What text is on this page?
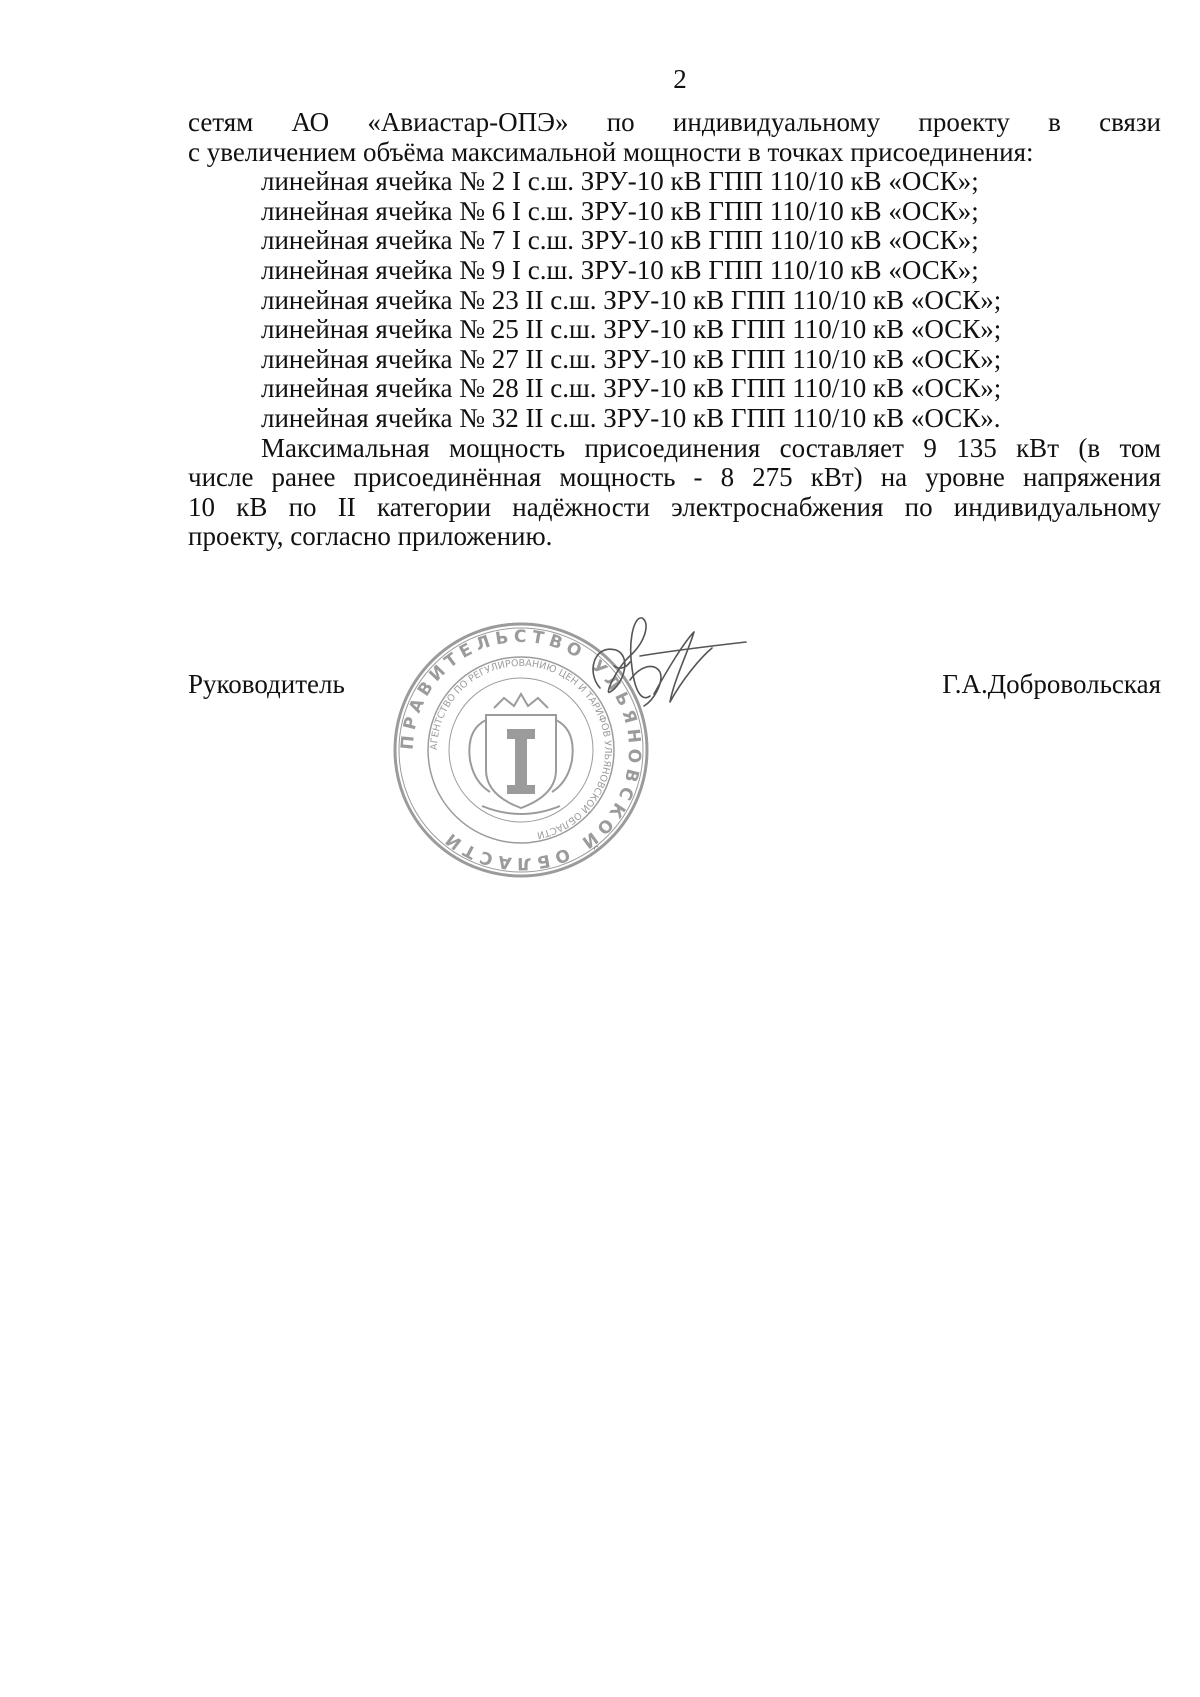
2
сетям АО «Авиастар-ОПЭ» по индивидуальному проекту в связи
с увеличением объёма максимальной мощности в точках присоединения:
линейная ячейка № 2 I с.ш. ЗРУ-10 кВ ГПП 110/10 кВ «ОСК»;
линейная ячейка № 6 I с.ш. ЗРУ-10 кВ ГПП 110/10 кВ «ОСК»;
линейная ячейка № 7 I с.ш. ЗРУ-10 кВ ГПП 110/10 кВ «ОСК»;
линейная ячейка № 9 I с.ш. ЗРУ-10 кВ ГПП 110/10 кВ «ОСК»;
линейная ячейка № 23 II с.ш. ЗРУ-10 кВ ГПП 110/10 кВ «ОСК»;
линейная ячейка № 25 II с.ш. ЗРУ-10 кВ ГПП 110/10 кВ «ОСК»;
линейная ячейка № 27 II с.ш. ЗРУ-10 кВ ГПП 110/10 кВ «ОСК»;
линейная ячейка № 28 II с.ш. ЗРУ-10 кВ ГПП 110/10 кВ «ОСК»;
линейная ячейка № 32 II с.ш. ЗРУ-10 кВ ГПП 110/10 кВ «ОСК».
Максимальная мощность присоединения составляет 9 135 кВт (в том
числе ранее присоединённая мощность - 8 275 кВт) на уровне напряжения
10 кВ по II категории надёжности электроснабжения по индивидуальному
проекту, согласно приложению.
Руководитель	Г.А.Добровольская
ПРАВИТЕЛЬСТВО УЛЬЯНОВСКОЙ ОБЛАСТИ
АГЕНТСТВО ПО РЕГУЛИРОВАНИЮ ЦЕН И ТАРИФОВ УЛЬЯНОВСКОЙ ОБЛАСТИ
